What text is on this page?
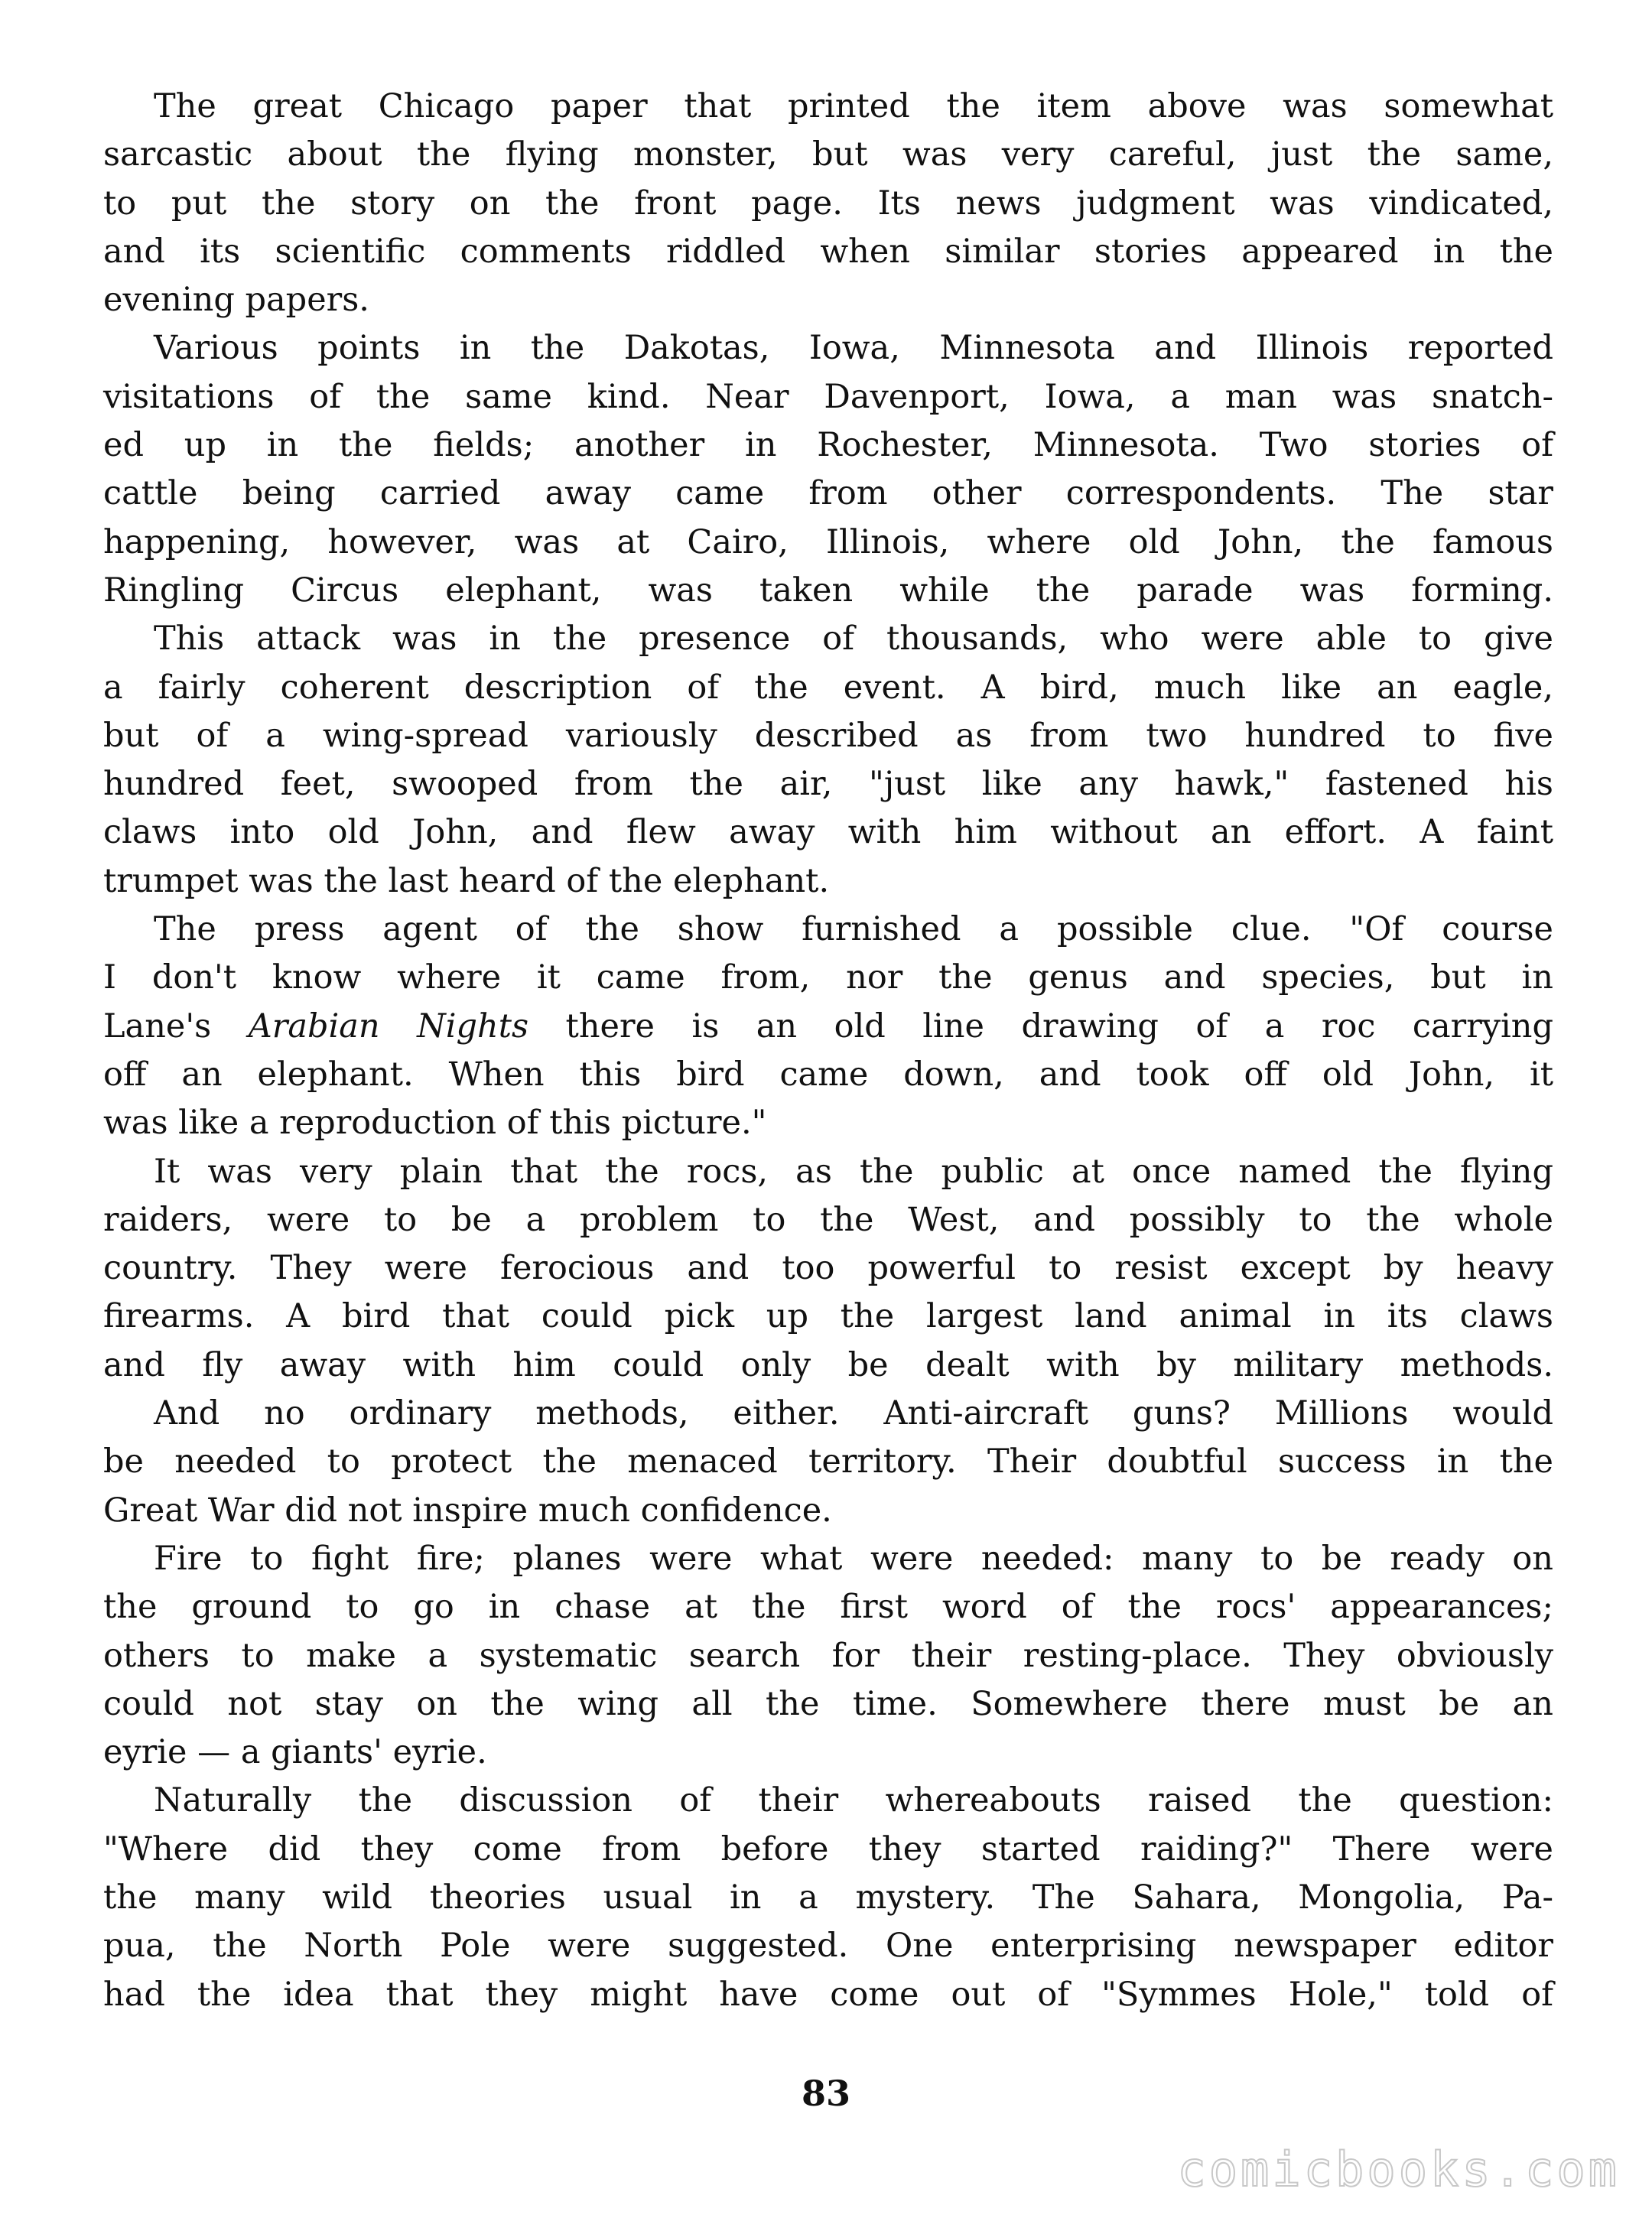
The great Chicago paper that printed the item above was somewhat
sarcastic about the flying monster, but was very careful, just the same,
to put the story on the front page. Its news judgment was vindicated,
and its scientific comments riddled when similar stories appeared in the
evening papers.
Various points in the Dakotas, Iowa, Minnesota and Illinois reported
visitations of the same kind. Near Davenport, Iowa, a man was snatch-
ed up in the fields; another in Rochester, Minnesota. Two stories of
cattle being carried away came from other correspondents. The star
happening, however, was at Cairo, Illinois, where old John, the famous
Ringling Circus elephant, was taken while the parade was forming.
This attack was in the presence of thousands, who were able to give
a fairly coherent description of the event. A bird, much like an eagle,
but of a wing-spread variously described as from two hundred to five
hundred feet, swooped from the air, "just like any hawk," fastened his
claws into old John, and flew away with him without an effort. A faint
trumpet was the last heard of the elephant.
The press agent of the show furnished a possible clue. "Of course
I don't know where it came from, nor the genus and species, but in
Lane's Arabian Nights there is an old line drawing of a roc carrying
off an elephant. When this bird came down, and took off old John, it
was like a reproduction of this picture."
It was very plain that the rocs, as the public at once named the flying
raiders, were to be a problem to the West, and possibly to the whole
country. They were ferocious and too powerful to resist except by heavy
firearms. A bird that could pick up the largest land animal in its claws
and fly away with him could only be dealt with by military methods.
And no ordinary methods, either. Anti-aircraft guns? Millions would
be needed to protect the menaced territory. Their doubtful success in the
Great War did not inspire much confidence.
Fire to fight fire; planes were what were needed: many to be ready on
the ground to go in chase at the first word of the rocs' appearances;
others to make a systematic search for their resting-place. They obviously
could not stay on the wing all the time. Somewhere there must be an
eyrie — a giants' eyrie.
Naturally the discussion of their whereabouts raised the question:
"Where did they come from before they started raiding?" There were
the many wild theories usual in a mystery. The Sahara, Mongolia, Pa-
pua, the North Pole were suggested. One enterprising newspaper editor
had the idea that they might have come out of "Symmes Hole," told of
83
comicbooks.com
